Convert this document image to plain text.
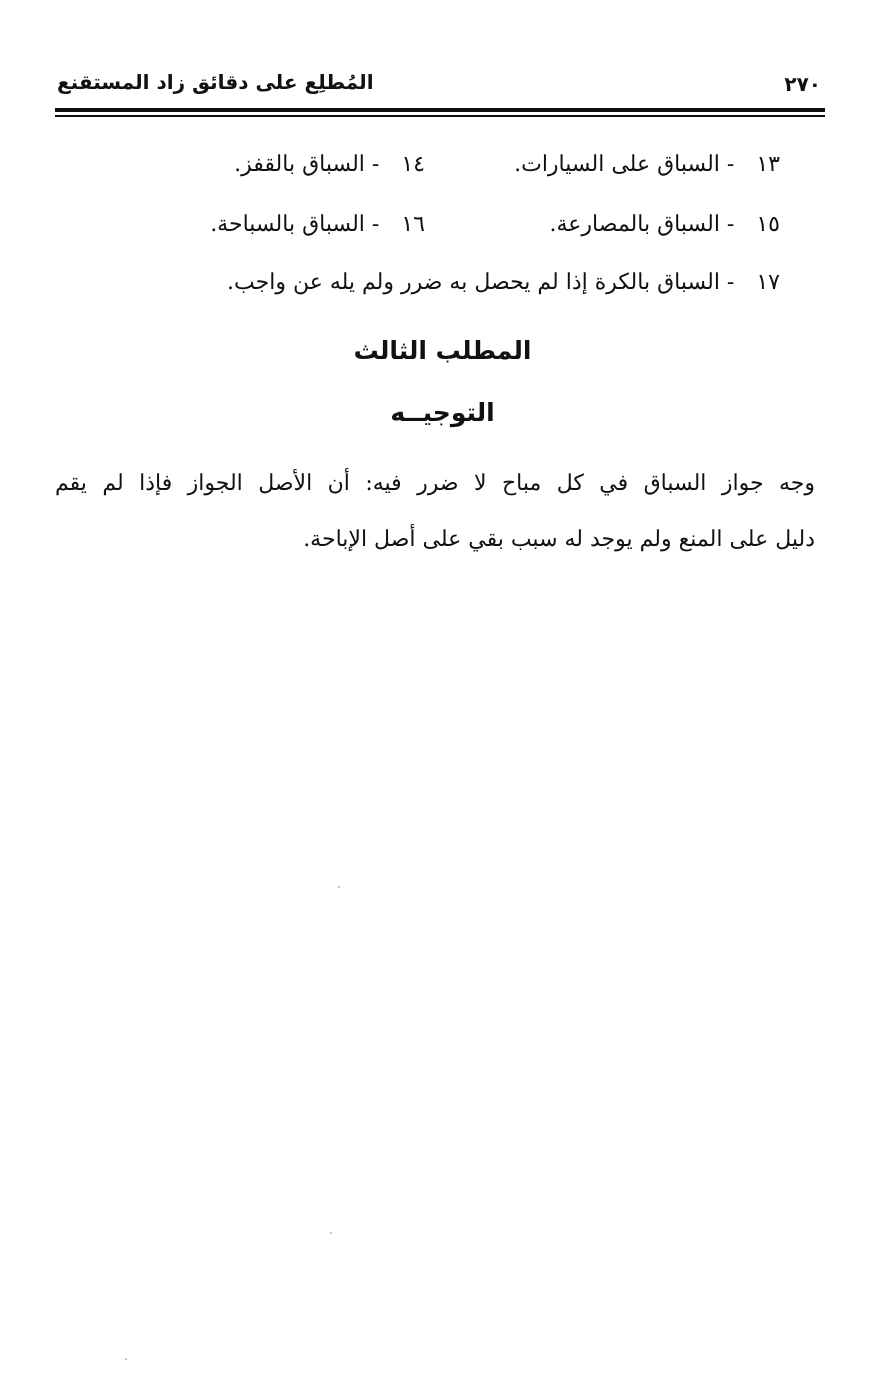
٢٧٠
المُطلِع على دقائق زاد المستقنع
١٣- السباق على السيارات.
١٤- السباق بالقفز.
١٥- السباق بالمصارعة.
١٦- السباق بالسباحة.
١٧- السباق بالكرة إذا لم يحصل به ضرر ولم يله عن واجب.
المطلب الثالث
التوجيــه
وجه جواز السباق في كل مباح لا ضرر فيه: أن الأصل الجواز فإذا لم يقم
دليل على المنع ولم يوجد له سبب بقي على أصل الإباحة.
